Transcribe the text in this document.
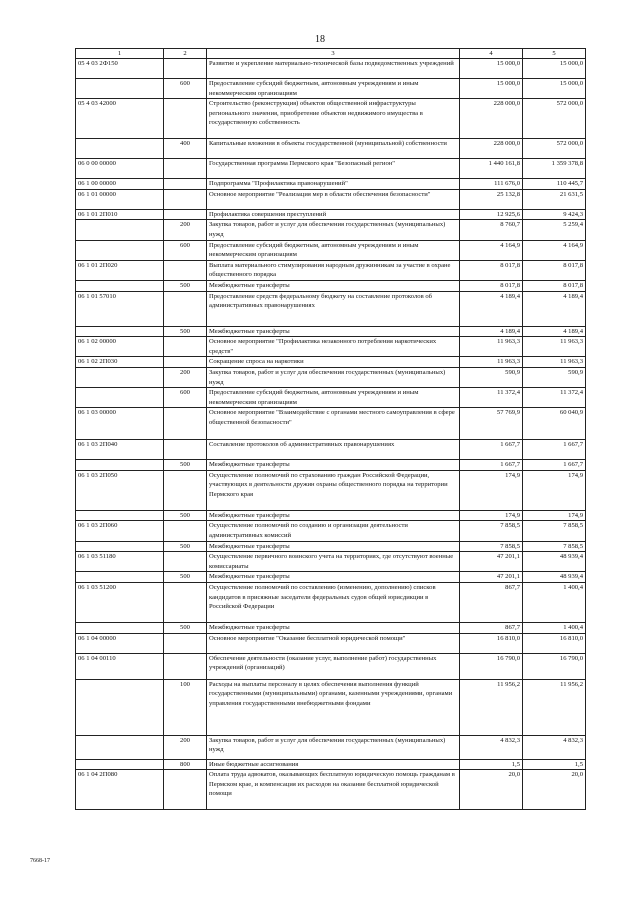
18
1	2	3	4	5
05 4 03 2Ф150		Развитие и укрепление материально-технической базы подведомственных учреждений	15 000,0	15 000,0
	600	Предоставление субсидий бюджетным, автономным учреждениям и иным некоммерческим организациям	15 000,0	15 000,0
05 4 03 42000		Строительство (реконструкция) объектов общественной инфраструктуры регионального значения, приобретение объектов недвижимого имущества в государственную собственность	228 000,0	572 000,0
	400	Капитальные вложения в объекты государственной (муниципальной) собственности	228 000,0	572 000,0
06 0 00 00000		Государственная программа Пермского края "Безопасный регион"	1 440 161,8	1 359 378,8
06 1 00 00000		Подпрограмма "Профилактика правонарушений"	111 676,0	110 445,7
06 1 01 00000		Основное мероприятие "Реализация мер в области обеспечения безопасности"	25 132,8	21 631,5
06 1 01 2П010		Профилактика совершения преступлений	12 925,6	9 424,3
	200	Закупка товаров, работ и услуг для обеспечения государственных (муниципальных) нужд	8 760,7	5 259,4
	600	Предоставление субсидий бюджетным, автономным учреждениям и иным некоммерческим организациям	4 164,9	4 164,9
06 1 01 2П020		Выплата материального стимулирования народным дружинникам за участие в охране общественного порядка	8 017,8	8 017,8
	500	Межбюджетные трансферты	8 017,8	8 017,8
06 1 01 57010		Предоставление средств федеральному бюджету на составление протоколов об административных правонарушениях	4 189,4	4 189,4
	500	Межбюджетные трансферты	4 189,4	4 189,4
06 1 02 00000		Основное мероприятие "Профилактика незаконного потребления наркотических средств"	11 963,3	11 963,3
06 1 02 2П030		Сокращение спроса на наркотики	11 963,3	11 963,3
	200	Закупка товаров, работ и услуг для обеспечения государственных (муниципальных) нужд	590,9	590,9
	600	Предоставление субсидий бюджетным, автономным учреждениям и иным некоммерческим организациям	11 372,4	11 372,4
06 1 03 00000		Основное мероприятие "Взаимодействие с органами местного самоуправления в сфере общественной безопасности"	57 769,9	60 040,9
06 1 03 2П040		Составление протоколов об административных правонарушениях	1 667,7	1 667,7
	500	Межбюджетные трансферты	1 667,7	1 667,7
06 1 03 2П050		Осуществление полномочий по страхованию граждан Российской Федерации, участвующих в деятельности дружин охраны общественного порядка на территории Пермского края	174,9	174,9
	500	Межбюджетные трансферты	174,9	174,9
06 1 03 2П060		Осуществление полномочий по созданию и организации деятельности административных комиссий	7 858,5	7 858,5
	500	Межбюджетные трансферты	7 858,5	7 858,5
06 1 03 51180		Осуществление первичного воинского учета на территориях, где отсутствуют военные комиссариаты	47 201,1	48 939,4
	500	Межбюджетные трансферты	47 201,1	48 939,4
06 1 03 51200		Осуществление полномочий по составлению (изменению, дополнению) списков кандидатов в присяжные заседатели федеральных судов общей юрисдикции в Российской Федерации	867,7	1 400,4
	500	Межбюджетные трансферты	867,7	1 400,4
06 1 04 00000		Основное мероприятие "Оказание бесплатной юридической помощи"	16 810,0	16 810,0
06 1 04 00110		Обеспечение деятельности (оказание услуг, выполнение работ) государственных учреждений (организаций)	16 790,0	16 790,0
	100	Расходы на выплаты персоналу в целях обеспечения выполнения функций государственными (муниципальными) органами, казенными учреждениями, органами управления государственными внебюджетными фондами	11 956,2	11 956,2
	200	Закупка товаров, работ и услуг для обеспечения государственных (муниципальных) нужд	4 832,3	4 832,3
	800	Иные бюджетные ассигнования	1,5	1,5
06 1 04 2П080		Оплата труда адвокатов, оказывающих бесплатную юридическую помощь гражданам в Пермском крае, и компенсация их расходов на оказание бесплатной юридической помощи	20,0	20,0
7668-17
